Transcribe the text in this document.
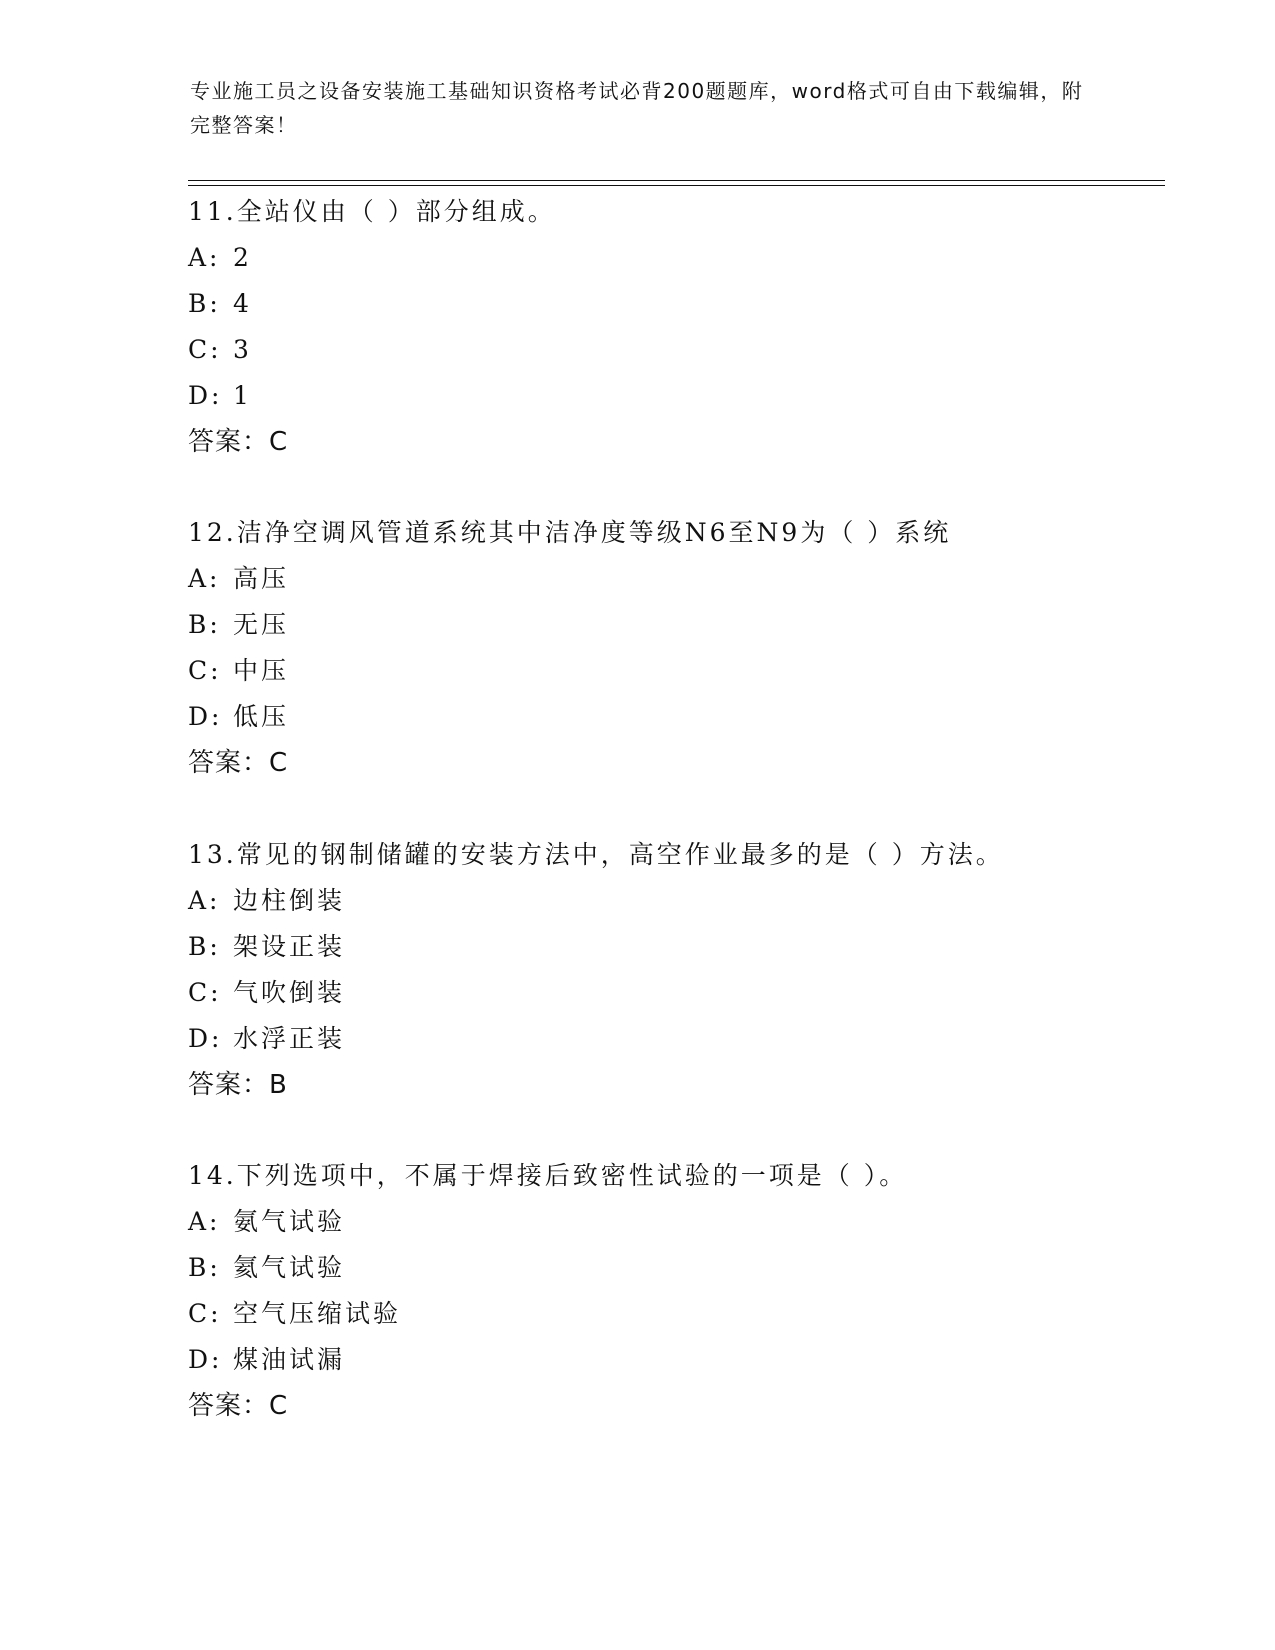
专业施工员之设备安装施工基础知识资格考试必背200题题库，word格式可自由下载编辑，附完整答案！
11.全站仪由（ ）部分组成。
A: 2
B: 4
C: 3
D: 1
答案：C
12.洁净空调风管道系统其中洁净度等级N6至N9为（ ）系统
A: 高压
B: 无压
C: 中压
D: 低压
答案：C
13.常见的钢制储罐的安装方法中，高空作业最多的是（ ）方法。
A: 边柱倒装
B: 架设正装
C: 气吹倒装
D: 水浮正装
答案：B
14.下列选项中，不属于焊接后致密性试验的一项是（ ）。
A: 氨气试验
B: 氦气试验
C: 空气压缩试验
D: 煤油试漏
答案：C
